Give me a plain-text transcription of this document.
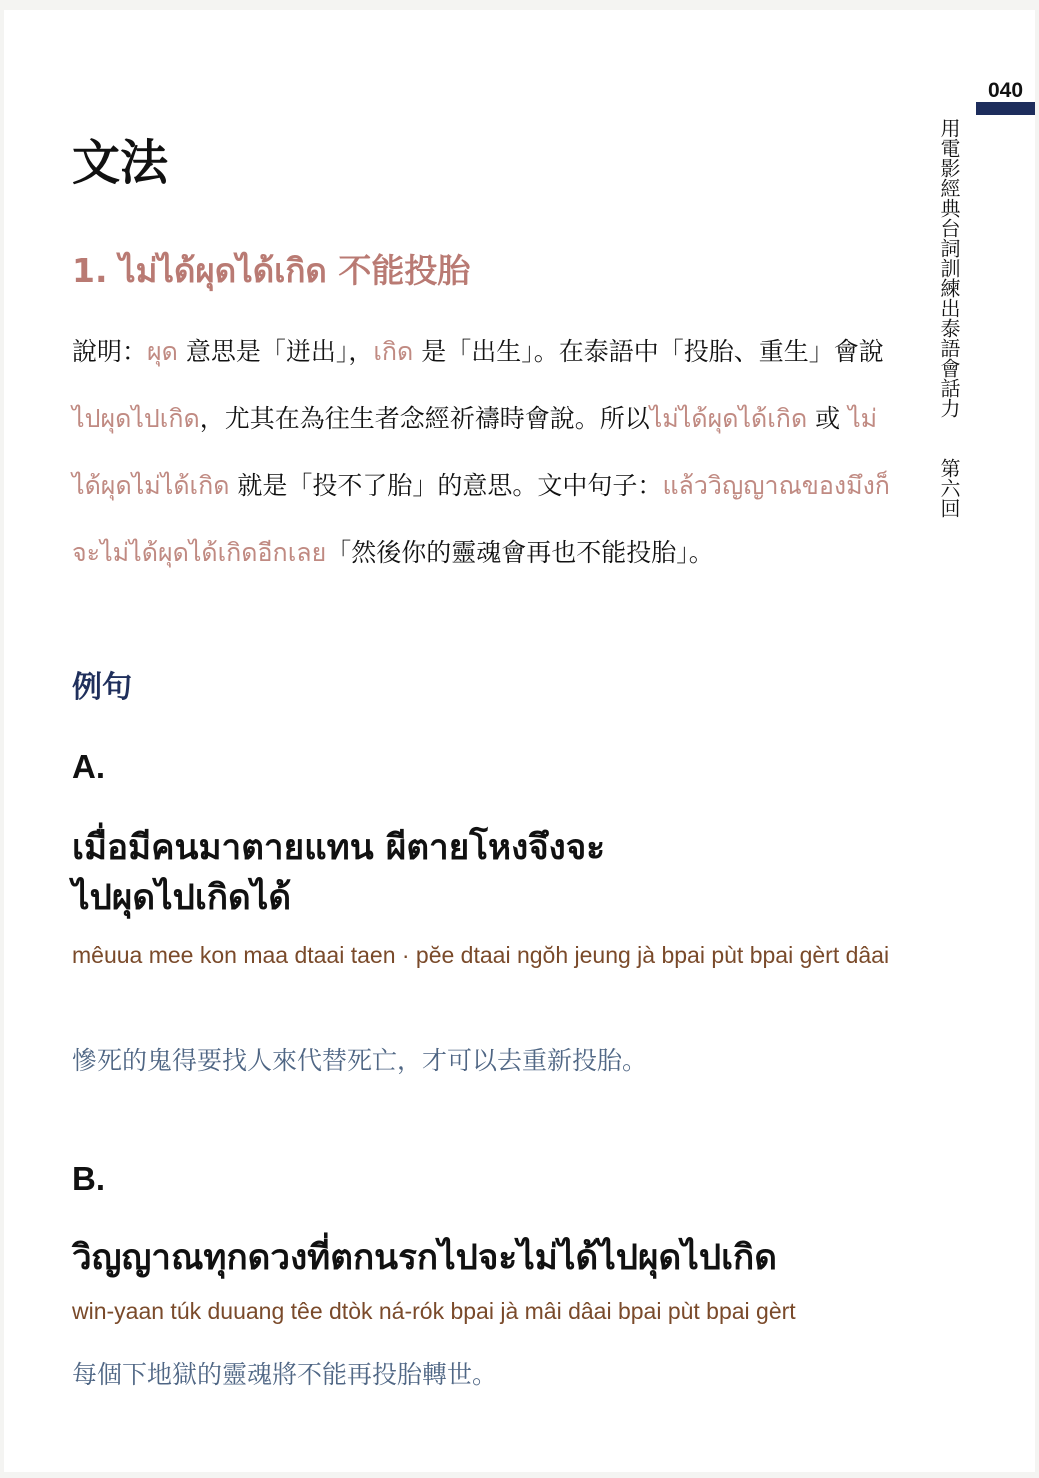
040
用電影經典台詞訓練出泰語會話力第六回
文法
1. ไม่ได้ผุดได้เกิด 不能投胎
說明：ผุด 意思是「迸出」，เกิด 是「出生」。在泰語中「投胎、重生」會說 ไปผุดไปเกิด，尤其在為往生者念經祈禱時會說。所以ไม่ได้ผุดได้เกิด 或 ไม่ได้ผุดไม่ได้เกิด 就是「投不了胎」的意思。文中句子：แล้ววิญญาณของมึงก็จะไม่ได้ผุดได้เกิดอีกเลย「然後你的靈魂會再也不能投胎」。
例句
A.
เมื่อมีคนมาตายแทน ผีตายโหงจึงจะ
ไปผุดไปเกิดได้
mêuua mee kon maa dtaai taen · pĕe dtaai ngŏh jeung jà bpai pùt bpai gèrt dâai
慘死的鬼得要找人來代替死亡，才可以去重新投胎。
B.
วิญญาณทุกดวงที่ตกนรกไปจะไม่ได้ไปผุดไปเกิด
win-yaan túk duuang têe dtòk ná-rók bpai jà mâi dâai bpai pùt bpai gèrt
每個下地獄的靈魂將不能再投胎轉世。
